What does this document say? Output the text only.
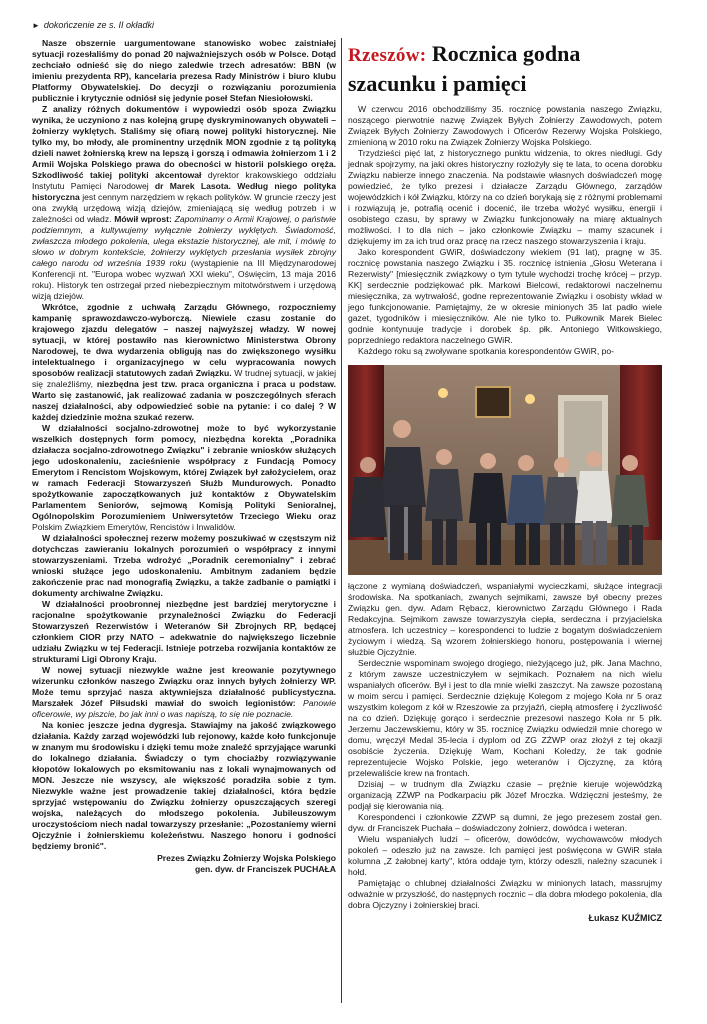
► dokończenie ze s. II okładki

Nasze obszernie uargumentowane stanowisko wobec zaistniałej sytuacji rozesłaliśmy do ponad 20 najważniejszych osób w Polsce. Dotąd zechciało odnieść się do niego zaledwie trzech adresatów: BBN (w imieniu prezydenta RP), kancelaria prezesa Rady Ministrów i biuro klubu Platformy Obywatelskiej. Do decyzji o rozwiązaniu porozumienia publicznie i krytycznie odniósł się jedynie poseł Stefan Niesiołowski.

Z analizy różnych dokumentów i wypowiedzi osób spoza Związku wynika, że uczyniono z nas kolejną grupę dyskryminowanych obywateli – żołnierzy wyklętych. Staliśmy się ofiarą nowej polityki historycznej. Nie tylko my, bo młody, ale prominentny urzędnik MON zgodnie z tą polityką dzieli nawet żołnierską krew na lepszą i gorszą i odmawia żołnierzom 1 i 2 Armii Wojska Polskiego prawa do obecności w historii polskiego oręża. Szkodliwość takiej polityki akcentował dyrektor krakowskiego oddziału Instytutu Pamięci Narodowej dr Marek Lasota. Według niego polityka historyczna jest cennym narzędziem w rękach polityków. W gruncie rzeczy jest ona zwykłą urzędową wizją dziejów, zmieniającą się według potrzeb i w zależności od władz. Mówił wprost: Zapominamy o Armii Krajowej, o państwie podziemnym, a kultywujemy wyłącznie żołnierzy wyklętych. Świadomość, zwłaszcza młodego pokolenia, ulega ekstazie historycznej, ale mit, i mówię to słowo w dobrym kontekście, żołnierzy wyklętych przesłania wysiłek zbrojny całego narodu od września 1939 roku (wystąpienie na III Międzynarodowej Konferencji nt. "Europa wobec wyzwań XXI wieku", Oświęcim, 13 maja 2016 roku). Historyk ten ostrzegał przed niebezpiecznym mitotwórstwem i urzędową wizją dziejów.

Wkrótce, zgodnie z uchwałą Zarządu Głównego, rozpoczniemy kampanię sprawozdawczo-wyborczą. Niewiele czasu zostanie do krajowego zjazdu delegatów – naszej najwyższej władzy. W nowej sytuacji, w której postawiło nas kierownictwo Ministerstwa Obrony Narodowej, te dwa wydarzenia obligują nas do zwiększonego wysiłku intelektualnego i organizacyjnego w celu wypracowania nowych sposobów realizacji statutowych zadań Związku. W trudnej sytuacji, w jakiej się znaleźliśmy, niezbędna jest tzw. praca organiczna i praca u podstaw. Warto się zastanowić, jak realizować zadania w poszczególnych sferach naszej działalności, aby odpowiedzieć sobie na pytanie: i co dalej ? W każdej dziedzinie można szukać rezerw.

W działalności socjalno-zdrowotnej może to być wykorzystanie wszelkich dostępnych form pomocy, niezbędna korekta „Poradnika działacza socjalno-zdrowotnego Związku" i zebranie wniosków służących jego udoskonaleniu, zacieśnienie współpracy z Fundacją Pomocy Emerytom i Rencistom Wojskowym, której Związek był założycielem, oraz w ramach Federacji Stowarzyszeń Służb Mundurowych. Ponadto spożytkowanie zapoczątkowanych już kontaktów z Obywatelskim Parlamentem Seniorów, sejmową Komisją Polityki Senioralnej, Ogólnopolskim Porozumieniem Uniwersytetów Trzeciego Wieku oraz Polskim Związkiem Emerytów, Rencistów i Inwalidów.

W działalności społecznej rezerw możemy poszukiwać w częstszym niż dotychczas zawieraniu lokalnych porozumień o współpracy z innymi stowarzyszeniami. Trzeba wdrożyć „Poradnik ceremonialny" i zebrać wnioski służące jego udoskonaleniu. Ambitnym zadaniem będzie zakończenie prac nad monografią Związku, a także zadbanie o pamiątki i dokumenty archiwalne Związku.

W działalności proobronnej niezbędne jest bardziej merytoryczne i racjonalne spożytkowanie przynależności Związku do Federacji Stowarzyszeń Rezerwistów i Weteranów Sił Zbrojnych RP, będącej członkiem CIOR przy NATO – adekwatnie do największego liczebnie udziału Związku w tej Federacji. Istnieje potrzeba rozwijania kontaktów ze strukturami Ligi Obrony Kraju.

W nowej sytuacji niezwykle ważne jest kreowanie pozytywnego wizerunku członków naszego Związku oraz innych byłych żołnierzy WP. Może temu sprzyjać nasza aktywniejsza działalność publicystyczna. Marszałek Józef Piłsudski mawiał do swoich legionistów: Panowie oficerowie, wy piszcie, bo jak inni o was napiszą, to się nie poznacie.

Na koniec jeszcze jedna dygresja. Stawiajmy na jakość związkowego działania. Każdy zarząd wojewódzki lub rejonowy, każde koło funkcjonuje w znanym mu środowisku i dzięki temu może znaleźć sprzyjające warunki do lokalnego działania. Świadczy o tym chociażby rozwiązywanie kłopotów lokalowych po eksmitowaniu nas z lokali wynajmowanych od MON. Jeszcze nie wszyscy, ale większość poradziła sobie z tym. Niezwykle ważne jest prowadzenie takiej działalności, która będzie sprzyjać wstępowaniu do Związku żołnierzy opuszczających szeregi wojska, należących do młodszego pokolenia. Jubileuszowym uroczystościom niech nadal towarzyszy przesłanie: „Pozostaniemy wierni Ojczyźnie i żołnierskiemu koleżeństwu. Naszego honoru i godności będziemy bronić".

Prezes Związku Żołnierzy Wojska Polskiego
gen. dyw. dr Franciszek PUCHAŁA
Rzeszów: Rocznica godna
szacunku i pamięci

W czerwcu 2016 obchodziliśmy 35. rocznicę powstania naszego Związku, noszącego pierwotnie nazwę Związek Byłych Żołnierzy Zawodowych, potem Związek Byłych Żołnierzy Zawodowych i Oficerów Rezerwy Wojska Polskiego, zmienioną w 2010 roku na Związek Żołnierzy Wojska Polskiego.

Trzydzieści pięć lat, z historycznego punktu widzenia, to okres niedługi. Gdy jednak spojrzymy, na jaki okres historyczny rozłożyły się te lata, to ocena dorobku Związku nabierze innego znaczenia. Na podstawie własnych doświadczeń mogę powiedzieć, że tylko prezesi i działacze Zarządu Głównego, zarządów wojewódzkich i kół Związku, którzy na co dzień borykają się z różnymi problemami i rozwiązują je, potrafią ocenić i docenić, ile trzeba włożyć wysiłku, energii i osobistego czasu, by sprawy w Związku funkcjonowały na miarę aktualnych możliwości. I to dla nich – jako członkowie Związku – mamy szacunek i dziękujemy im za ich trud oraz pracę na rzecz naszego stowarzyszenia i kraju.

Jako korespondent GWiR, doświadczony wiekiem (91 lat), pragnę w 35. rocznicę powstania naszego Związku i 35. rocznicę istnienia „Głosu Weterana i Rezerwisty" [miesięcznik związkowy o tym tytule wychodzi trochę krócej – przyp. KK] serdecznie podziękować płk. Markowi Bielcowi, redaktorowi naczelnemu miesięcznika, za wytrwałość, godne reprezentowanie Związku i osobisty wkład w jego funkcjonowanie. Pamiętajmy, że w okresie minionych 35 lat padło wiele gazet, tygodników i miesięczników. Ale nie tylko to. Pułkownik Marek Bielec godnie kontynuuje tradycje i dorobek śp. płk. Antoniego Witkowskiego, poprzedniego redaktora naczelnego GWiR.

Każdego roku są zwoływane spotkania korespondentów GWiR, po-

łączone z wymianą doświadczeń, wspaniałymi wycieczkami, służące integracji środowiska. Na spotkaniach, zwanych sejmikami, zawsze był obecny prezes Związku gen. dyw. Adam Rębacz, kierownictwo Zarządu Głównego i Rada Redakcyjna. Sejmikom zawsze towarzyszyła ciepła, serdeczna i przyjacielska atmosfera. Ich uczestnicy – korespondenci to ludzie z bogatym doświadczeniem życiowym i wiedzą. Są wzorem żołnierskiego honoru, postępowania i wiernej służbie Ojczyźnie.

Serdecznie wspominam swojego drogiego, nieżyjącego już, płk. Jana Machno, z którym zawsze uczestniczyłem w sejmikach. Poznałem na nich wielu wspaniałych oficerów. Był i jest to dla mnie wielki zaszczyt. Na zawsze pozostaną w moim sercu i pamięci. Serdecznie dziękuję Kolegom z mojego Koła nr 5 oraz wszystkim kolegom z kół w Rzeszowie za przyjaźń, ciepłą atmosferę i życzliwość na co dzień. Dziękuję gorąco i serdecznie prezesowi naszego Koła nr 5 płk. Jerzemu Jaczewskiemu, który w 35. rocznicę Związku odwiedził mnie chorego w domu, wręczył Medal 35-lecia i dyplom od ZG ZŻWP oraz złożył z tej okazji osobiście życzenia. Dziękuję Wam, Kochani Koledzy, że tak godnie reprezentujecie Wojsko Polskie, jego weteranów i Ojczyznę, za którą przelewaliście krew na frontach.

Dzisiaj – w trudnym dla Związku czasie – prężnie kieruje wojewódzką organizacją ZŻWP na Podkarpaciu płk Józef Mroczka. Wdzięczni jesteśmy, że podjął się kierowania nią.

Korespondenci i członkowie ZŻWP są dumni, że jego prezesem został gen. dyw. dr Franciszek Puchała – doświadczony żołnierz, dowódca i weteran.

Wielu wspaniałych ludzi – oficerów, dowódców, wychowawców młodych pokoleń – odeszło już na zawsze. Ich pamięci jest poświęcona w GWiR stała kolumna „Z żałobnej karty", która oddaje tym, którzy odeszli, należny szacunek i hołd.

Pamiętając o chlubnej działalności Związku w minionych latach, massrujmy odważnie w przyszłość, do następnych rocznic – dla dobra młodego pokolenia, dla dobra Ojczyzny i żołnierskiej braci.

Łukasz KUŹMICZ
